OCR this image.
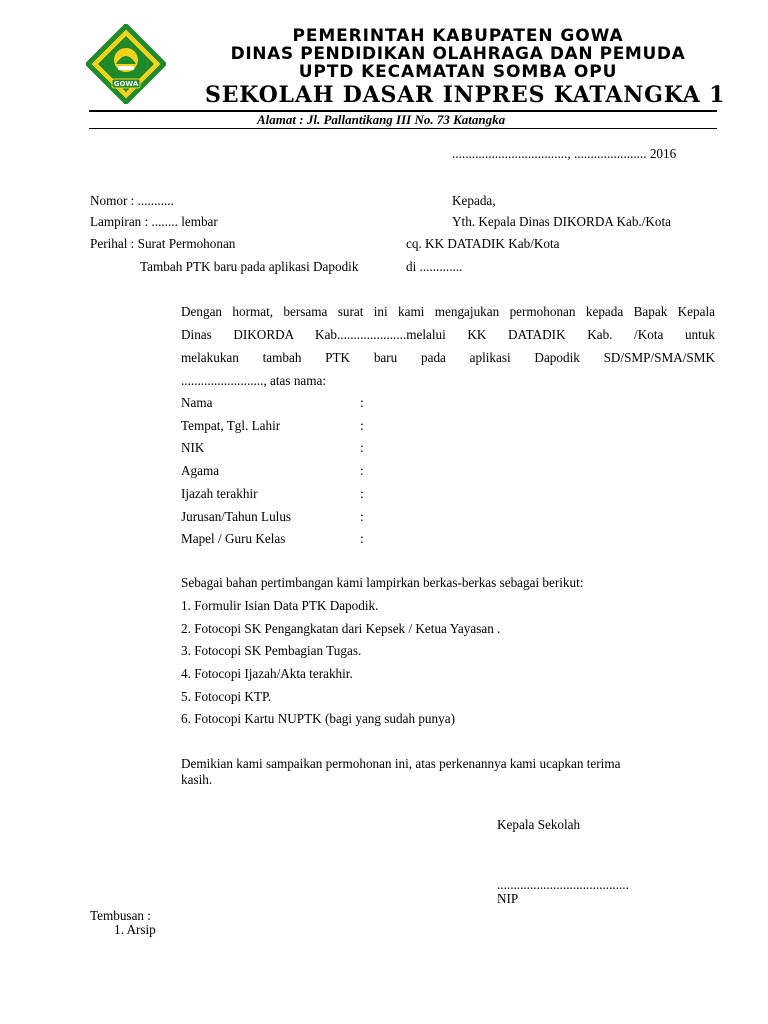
GOWA
PEMERINTAH KABUPATEN GOWA
DINAS PENDIDIKAN OLAHRAGA DAN PEMUDA
UPTD KECAMATAN SOMBA OPU
SEKOLAH DASAR INPRES KATANGKA 1
Alamat : Jl. Pallantikang III No. 73 Katangka
..................................., ...................... 2016
Nomor : ...........
Lampiran : ........ lembar
Perihal : Surat Permohonan
Tambah PTK baru pada aplikasi Dapodik
Kepada,
Yth. Kepala Dinas DIKORDA Kab./Kota
cq. KK DATADIK Kab/Kota
di .............
Dengan hormat, bersama surat ini kami mengajukan permohonan kepada Bapak Kepala
Dinas DIKORDA Kab.....................melalui KK DATADIK Kab. /Kota untuk
melakukan tambah PTK baru pada aplikasi Dapodik SD/SMP/SMA/SMK
........................., atas nama:
Nama	:
Tempat, Tgl. Lahir	:
NIK	:
Agama	:
Ijazah terakhir	:
Jurusan/Tahun Lulus	:
Mapel / Guru Kelas	:
Sebagai bahan pertimbangan kami lampirkan berkas-berkas sebagai berikut:
1. Formulir Isian Data PTK Dapodik.
2. Fotocopi SK Pengangkatan dari Kepsek / Ketua Yayasan .
3. Fotocopi SK Pembagian Tugas.
4. Fotocopi Ijazah/Akta terakhir.
5. Fotocopi KTP.
6. Fotocopi Kartu NUPTK (bagi yang sudah punya)
Demikian kami sampaikan permohonan ini, atas perkenannya kami ucapkan terima
kasih.
Kepala Sekolah
........................................
NIP
Tembusan :
1. Arsip
